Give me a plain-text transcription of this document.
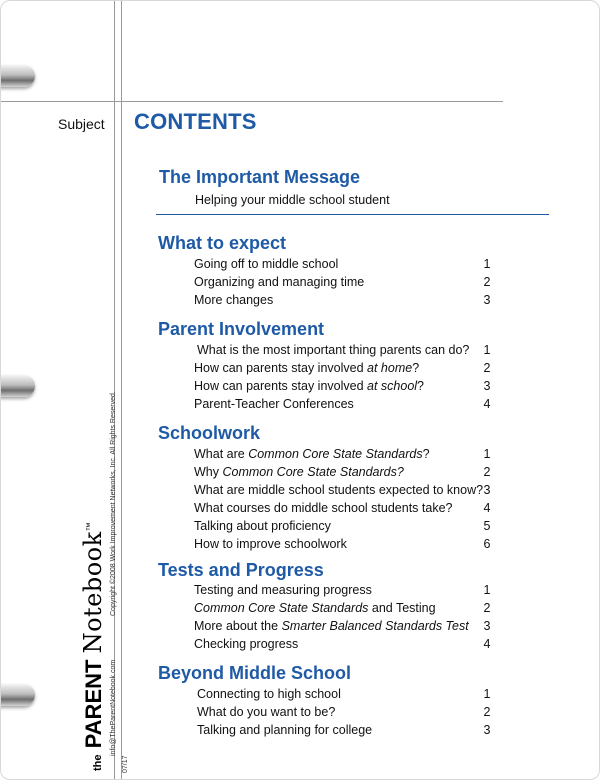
Subject CONTENTS
The Important Message
Helping your middle school student
What to expect
Going off to middle school	1
Organizing and managing time	2
More changes	3
Parent Involvement
What is the most important thing parents can do? 1
How can parents stay involved at home?	2
How can parents stay involved at school?	3
Parent-Teacher Conferences	4
Schoolwork
What are Common Core State Standards?	1
Why Common Core State Standards?	2
What are middle school students expected to know? 3
What courses do middle school students take? 4
Talking about proficiency	5
How to improve schoolwork	6
Tests and Progress
Testing and measuring progress	1
Common Core State Standards and Testing	2
More about the Smarter Balanced Standards Test 3
Checking progress	4
Beyond Middle School
Connecting to high school	1
What do you want to be?	2
Talking and planning for college	3
the PARENT Notebook™	Copyright ©2008 Work Improvement Networks, Inc. All Rights Reserved.
info@TheParentNotebook.com
07/17
